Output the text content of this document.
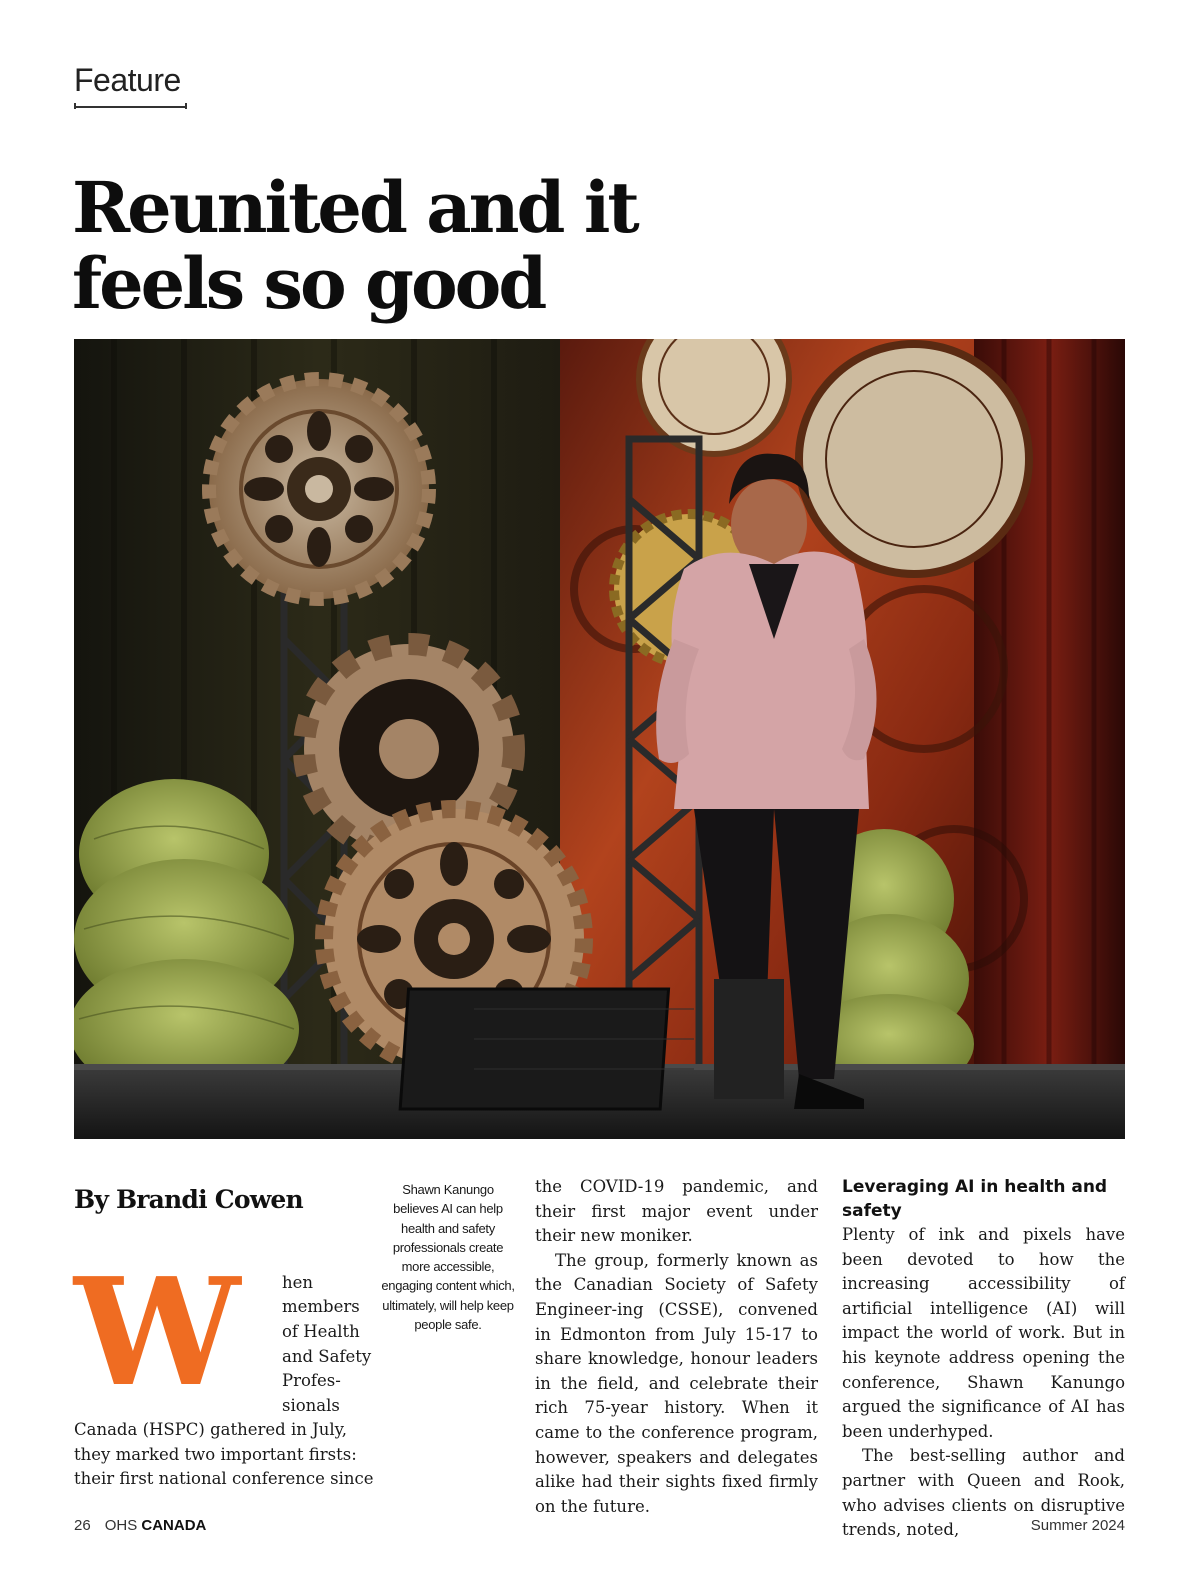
Feature
Reunited and it
feels so good
By Brandi Cowen
W	hen
members
of Health
and Safety
Profes-
sionals
Canada (HSPC) gathered in July,
they marked two important firsts:
their first national conference since
Shawn Kanungo believes AI can help health and safety professionals create more accessible, engaging content which, ultimately, will help keep people safe.

the COVID-19 pandemic, and their first major event under their new moniker.

The group, formerly known as the Canadian Society of Safety Engineer-ing (CSSE), convened in Edmonton from July 15-17 to share knowledge, honour leaders in the field, and celebrate their rich 75-year history. When it came to the conference program, however, speakers and delegates alike had their sights fixed firmly on the future.

Leveraging AI in health and safety

Plenty of ink and pixels have been devoted to how the increasing accessibility of artificial intelligence (AI) will impact the world of work. But in his keynote address opening the conference, Shawn Kanungo argued the significance of AI has been underhyped.

The best-selling author and partner with Queen and Rook, who advises clients on disruptive trends, noted,

26 OHS CANADA	Summer 2024
